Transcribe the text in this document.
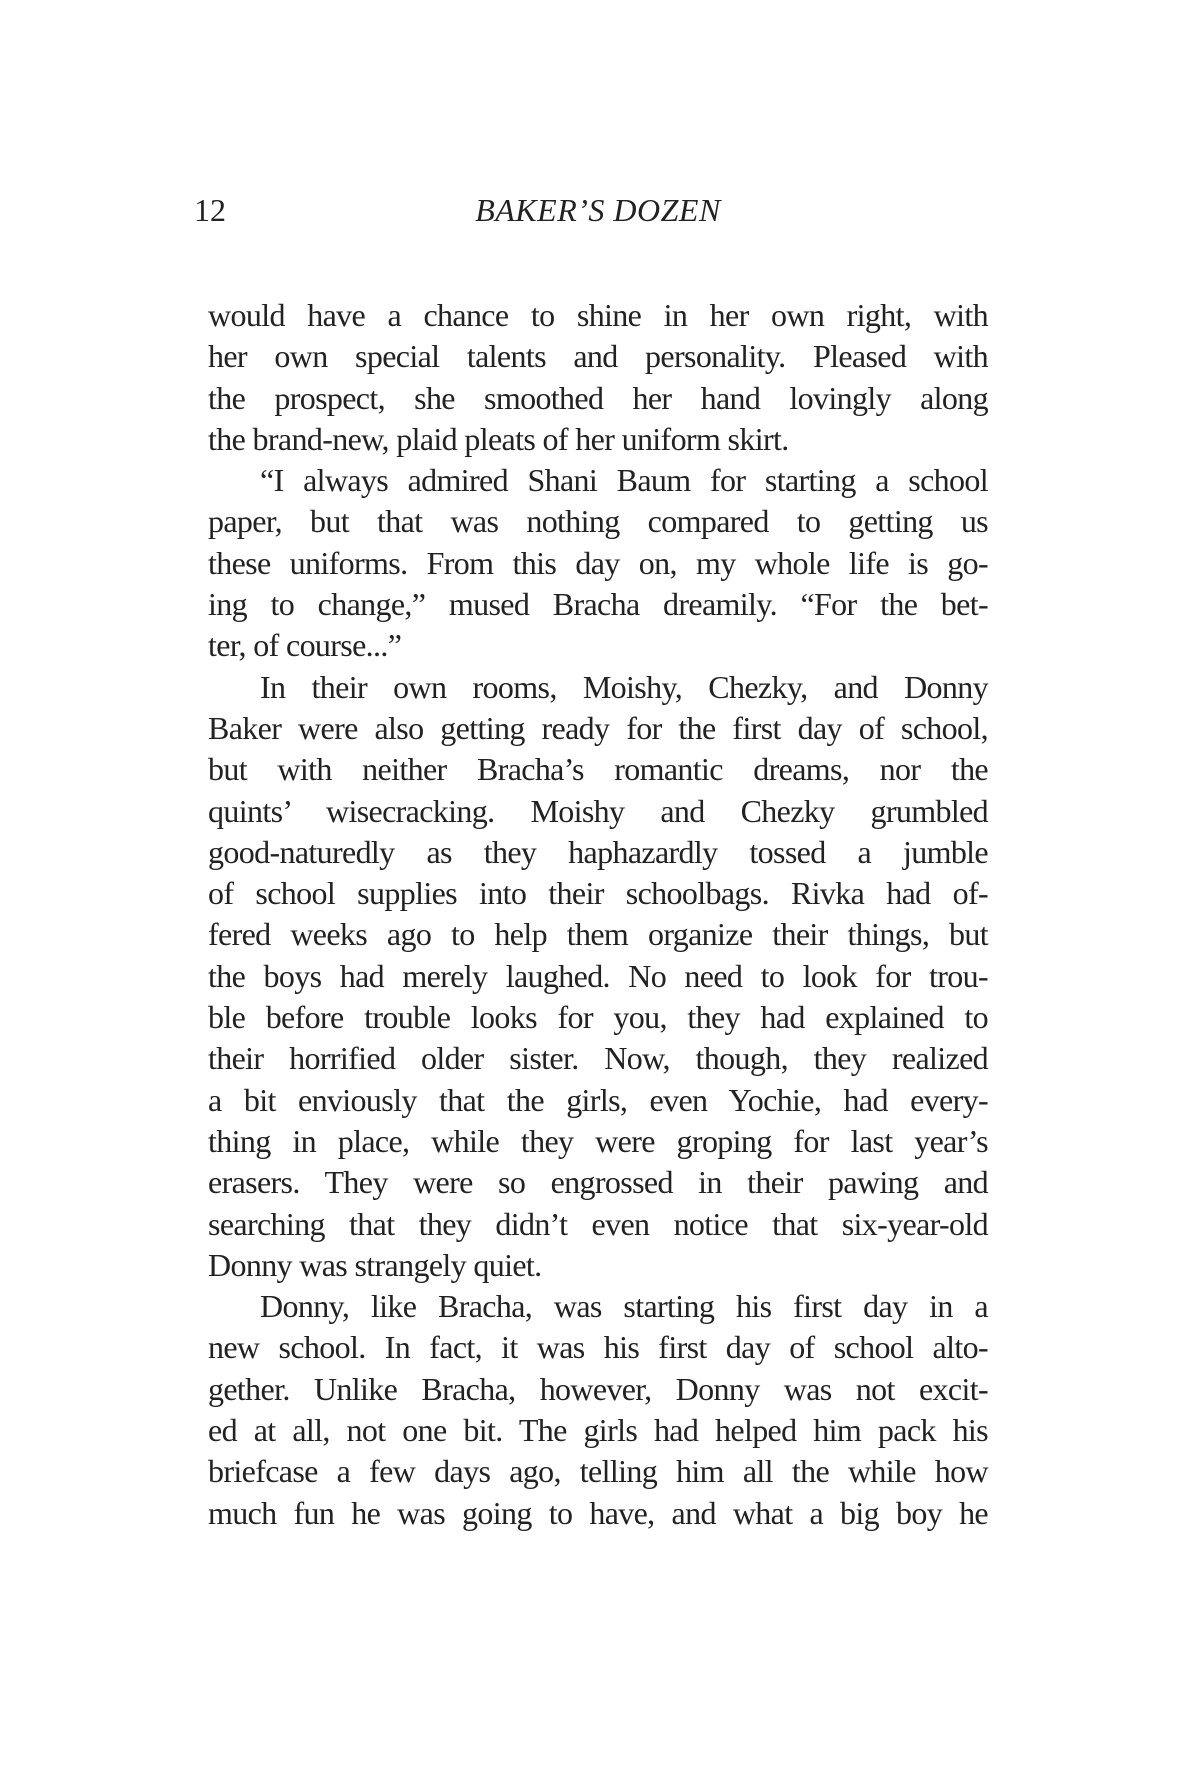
12	BAKER’S DOZEN
would have a chance to shine in her own right, with
her own special talents and personality. Pleased with
the prospect, she smoothed her hand lovingly along
the brand-new, plaid pleats of her uniform skirt.
“I always admired Shani Baum for starting a school
paper, but that was nothing compared to getting us
these uniforms. From this day on, my whole life is go-
ing to change,” mused Bracha dreamily. “For the bet-
ter, of course...”
In their own rooms, Moishy, Chezky, and Donny
Baker were also getting ready for the first day of school,
but with neither Bracha’s romantic dreams, nor the
quints’ wisecracking. Moishy and Chezky grumbled
good-naturedly as they haphazardly tossed a jumble
of school supplies into their schoolbags. Rivka had of-
fered weeks ago to help them organize their things, but
the boys had merely laughed. No need to look for trou-
ble before trouble looks for you, they had explained to
their horrified older sister. Now, though, they realized
a bit enviously that the girls, even Yochie, had every-
thing in place, while they were groping for last year’s
erasers. They were so engrossed in their pawing and
searching that they didn’t even notice that six-year-old
Donny was strangely quiet.
Donny, like Bracha, was starting his first day in a
new school. In fact, it was his first day of school alto-
gether. Unlike Bracha, however, Donny was not excit-
ed at all, not one bit. The girls had helped him pack his
briefcase a few days ago, telling him all the while how
much fun he was going to have, and what a big boy he
